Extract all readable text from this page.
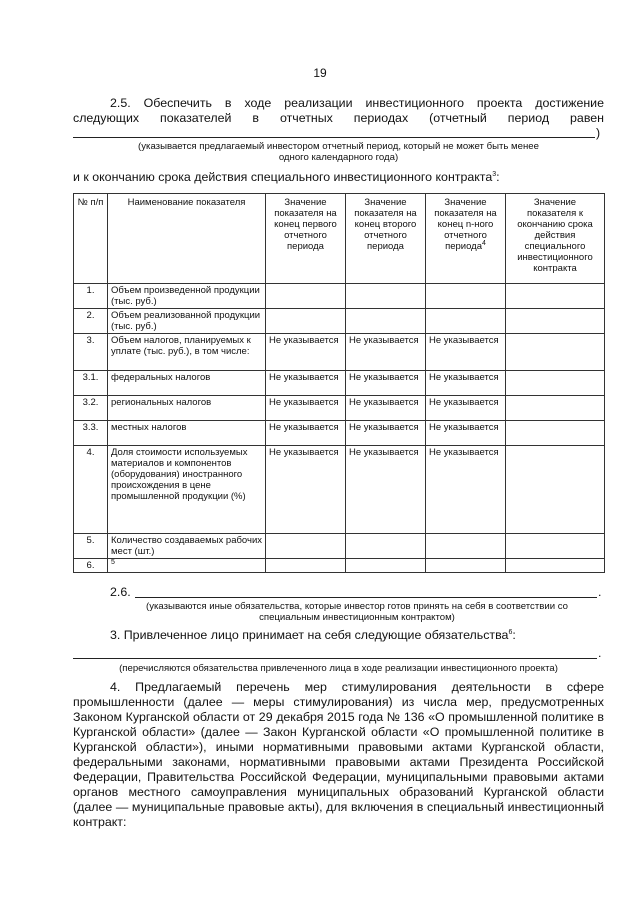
19
2.5. Обеспечить в ходе реализации инвестиционного проекта достижение
следующих показателей в отчетных периодах (отчетный период равен
)
(указывается предлагаемый инвестором отчетный период, который не может быть менее
одного календарного года)
и к окончанию срока действия специального инвестиционного контракта$^3$:
№ п/п	Наименование показателя	Значение показателя на конец первого отчетного периода	Значение показателя на конец второго отчетного периода	Значение показателя на конец n-ного отчетного периода$^4$	Значение показателя к окончанию срока действия специального инвестиционного контракта
1.	Объем произведенной продукции (тыс. руб.)				
2.	Объем реализованной продукции (тыс. руб.)				
3.	Объем налогов, планируемых к уплате (тыс. руб.), в том числе:	Не указывается	Не указывается	Не указывается	
3.1.	федеральных налогов	Не указывается	Не указывается	Не указывается	
3.2.	региональных налогов	Не указывается	Не указывается	Не указывается	
3.3.	местных налогов	Не указывается	Не указывается	Не указывается	
4.	Доля стоимости используемых материалов и компонентов (оборудования) иностранного происхождения в цене промышленной продукции (%)	Не указывается	Не указывается	Не указывается	
5.	Количество создаваемых рабочих мест (шт.)				
6.	$^5$				
2.6.	.
(указываются иные обязательства, которые инвестор готов принять на себя в соответствии со
специальным инвестиционным контрактом)
3. Привлеченное лицо принимает на себя следующие обязательства$^6$:
.
(перечисляются обязательства привлеченного лица в ходе реализации инвестиционного проекта)
4. Предлагаемый перечень мер стимулирования деятельности в сфере промышленности (далее — меры стимулирования) из числа мер, предусмотренных Законом Курганской области от 29 декабря 2015 года № 136 «О промышленной политике в Курганской области» (далее — Закон Курганской области «О промышленной политике в Курганской области»), иными нормативными правовыми актами Курганской области, федеральными законами, нормативными правовыми актами Президента Российской Федерации, Правительства Российской Федерации, муниципальными правовыми актами органов местного самоуправления муниципальных образований Курганской области (далее — муниципальные правовые акты), для включения в специальный инвестиционный контракт:
